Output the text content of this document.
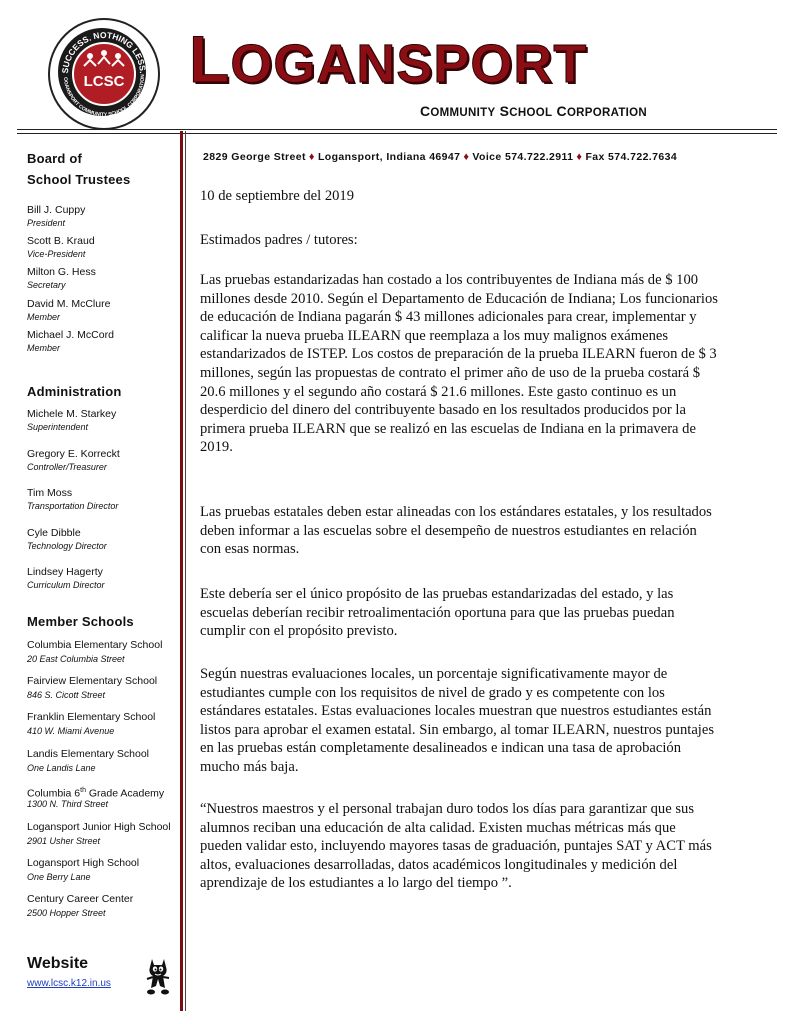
SUCCESS. NOTHING LESS.
OGANSPORT COMMUNITY SCHOOL CORPORATION
LCSC LOGANSPORT
COMMUNITY SCHOOL CORPORATION
Board of
School Trustees
Bill J. Cuppy
President
Scott B. Kraud
Vice-President
Milton G. Hess
Secretary
David M. McClure
Member
Michael J. McCord
Member
Administration
Michele M. Starkey
Superintendent
Gregory E. Korreckt
Controller/Treasurer
Tim Moss
Transportation Director
Cyle Dibble
Technology Director
Lindsey Hagerty
Curriculum Director
Member Schools
Columbia Elementary School
20 East Columbia Street
Fairview Elementary School
846 S. Cicott Street
Franklin Elementary School
410 W. Miami Avenue
Landis Elementary School
One Landis Lane
Columbia 6th Grade Academy
1300 N. Third Street
Logansport Junior High School
2901 Usher Street
Logansport High School
One Berry Lane
Century Career Center
2500 Hopper Street
Website
www.lcsc.k12.in.us
2829 George Street ♦ Logansport, Indiana 46947 ♦ Voice 574.722.2911 ♦ Fax 574.722.7634

10 de septiembre del 2019

Estimados padres / tutores:

Las pruebas estandarizadas han costado a los contribuyentes de Indiana más de $ 100 millones desde 2010. Según el Departamento de Educación de Indiana; Los funcionarios de educación de Indiana pagarán $ 43 millones adicionales para crear, implementar y calificar la nueva prueba ILEARN que reemplaza a los muy malignos exámenes estandarizados de ISTEP. Los costos de preparación de la prueba ILEARN fueron de $ 3 millones, según las propuestas de contrato el primer año de uso de la prueba costará $ 20.6 millones y el segundo año costará $ 21.6 millones. Este gasto continuo es un desperdicio del dinero del contribuyente basado en los resultados producidos por la primera prueba ILEARN que se realizó en las escuelas de Indiana en la primavera de 2019.

Las pruebas estatales deben estar alineadas con los estándares estatales, y los resultados deben informar a las escuelas sobre el desempeño de nuestros estudiantes en relación con esas normas.

Este debería ser el único propósito de las pruebas estandarizadas del estado, y las escuelas deberían recibir retroalimentación oportuna para que las pruebas puedan cumplir con el propósito previsto.

Según nuestras evaluaciones locales, un porcentaje significativamente mayor de estudiantes cumple con los requisitos de nivel de grado y es competente con los estándares estatales. Estas evaluaciones locales muestran que nuestros estudiantes están listos para aprobar el examen estatal. Sin embargo, al tomar ILEARN, nuestros puntajes en las pruebas están completamente desalineados e indican una tasa de aprobación mucho más baja.

“Nuestros maestros y el personal trabajan duro todos los días para garantizar que sus alumnos reciban una educación de alta calidad. Existen muchas métricas más que pueden validar esto, incluyendo mayores tasas de graduación, puntajes SAT y ACT más altos, evaluaciones desarrolladas, datos académicos longitudinales y medición del aprendizaje de los estudiantes a lo largo del tiempo ”.
